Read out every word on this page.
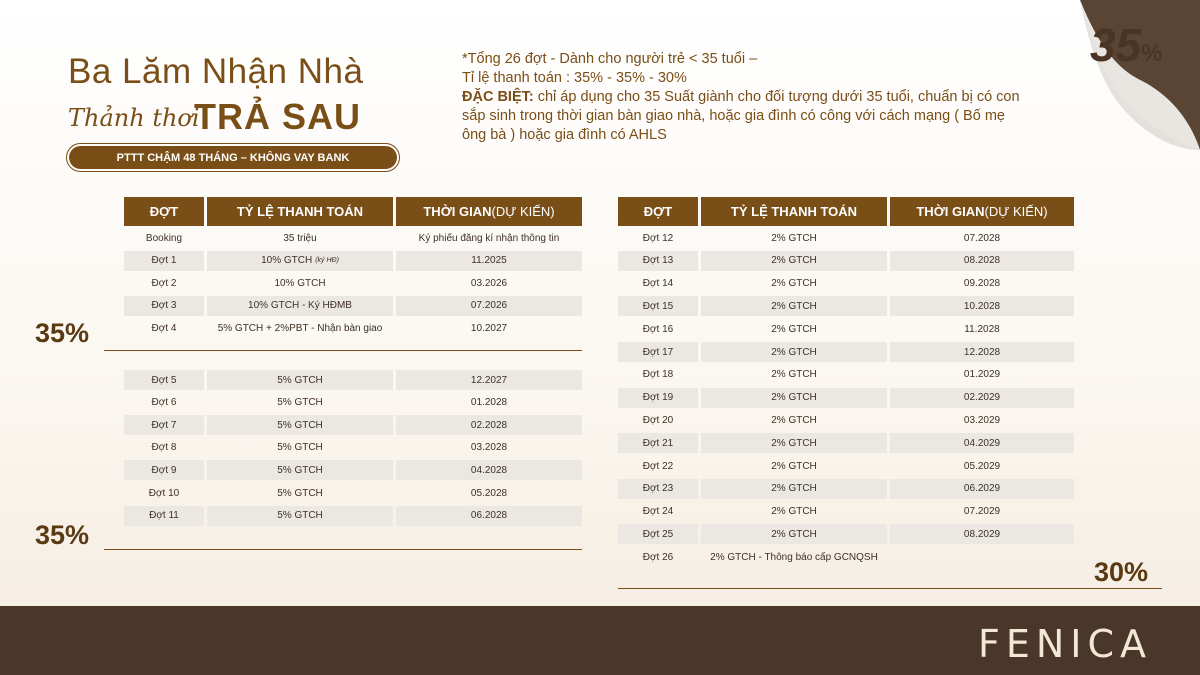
Ba Lăm Nhận Nhà
Thảnh thơi
TRẢ SAU
PTTT CHẬM 48 THÁNG – KHÔNG VAY BANK
*Tổng 26 đợt - Dành cho người trẻ < 35 tuổi –
Tỉ lệ thanh toán : 35% - 35% - 30%
ĐẶC BIỆT: chỉ áp dụng cho 35 Suất giành cho đối tượng dưới 35 tuổi, chuẩn bị có con sắp sinh trong thời gian bàn giao nhà, hoặc gia đình có công với cách mạng ( Bố mẹ ông bà ) hoặc gia đình có AHLS
35%
ĐỢT	TỶ LỆ THANH TOÁN	THỜI GIAN (DỰ KIẾN)
Booking	35 triệu	Ký phiếu đăng kí nhận thông tin
Đợt 1	10% GTCH (ký HĐ)	11.2025
Đợt 2	10% GTCH	03.2026
Đợt 3	10% GTCH - Ký HĐMB	07.2026
Đợt 4	5% GTCH + 2%PBT - Nhận bàn giao	10.2027
Đợt 5	5% GTCH	12.2027
Đợt 6	5% GTCH	01.2028
Đợt 7	5% GTCH	02.2028
Đợt 8	5% GTCH	03.2028
Đợt 9	5% GTCH	04.2028
Đợt 10	5% GTCH	05.2028
Đợt 11	5% GTCH	06.2028
ĐỢT	TỶ LỆ THANH TOÁN	THỜI GIAN (DỰ KIẾN)
Đợt 12	2% GTCH	07.2028
Đợt 13	2% GTCH	08.2028
Đợt 14	2% GTCH	09.2028
Đợt 15	2% GTCH	10.2028
Đợt 16	2% GTCH	11.2028
Đợt 17	2% GTCH	12.2028
Đợt 18	2% GTCH	01.2029
Đợt 19	2% GTCH	02.2029
Đợt 20	2% GTCH	03.2029
Đợt 21	2% GTCH	04.2029
Đợt 22	2% GTCH	05.2029
Đợt 23	2% GTCH	06.2029
Đợt 24	2% GTCH	07.2029
Đợt 25	2% GTCH	08.2029
Đợt 26	2% GTCH - Thông báo cấp GCNQSH
35%
35%
30%
FENICA
